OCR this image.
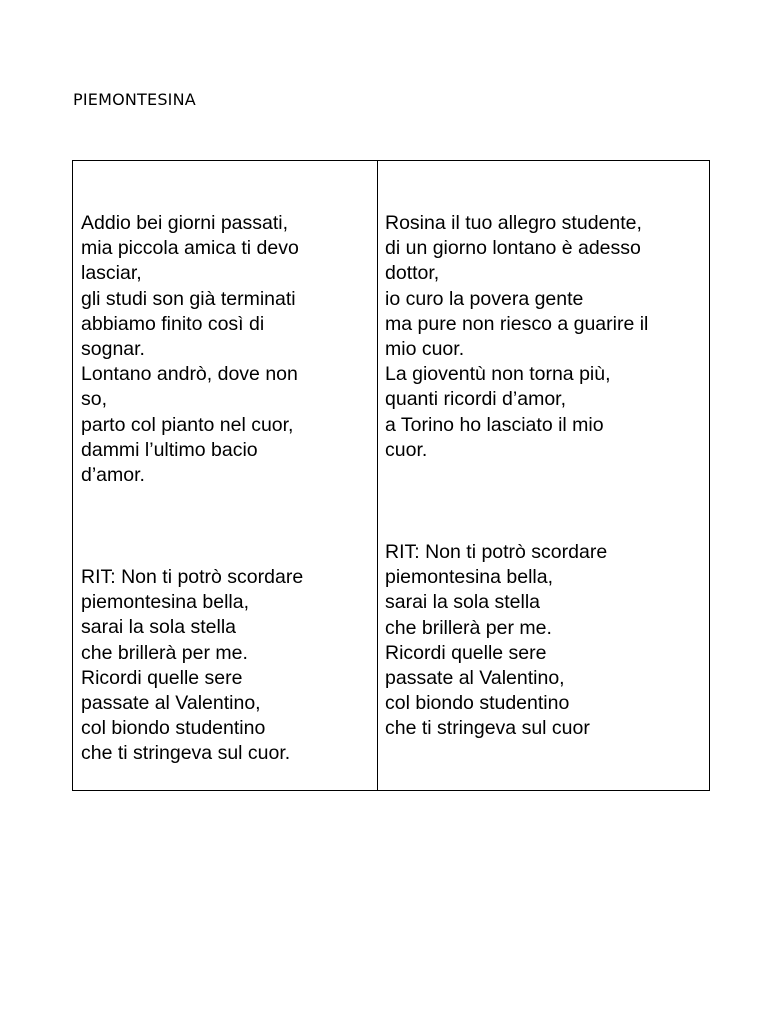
PIEMONTESINA

Addio bei giorni passati,
mia piccola amica ti devo
lasciar,
gli studi son già terminati
abbiamo finito così di
sognar.
Lontano andrò, dove non
so,
parto col pianto nel cuor,
dammi l’ultimo bacio
d’amor.

RIT: Non ti potrò scordare
piemontesina bella,
sarai la sola stella
che brillerà per me.
Ricordi quelle sere
passate al Valentino,
col biondo studentino
che ti stringeva sul cuor.

Rosina il tuo allegro studente,
di un giorno lontano è adesso
dottor,
io curo la povera gente
ma pure non riesco a guarire il
mio cuor.
La gioventù non torna più,
quanti ricordi d’amor,
a Torino ho lasciato il mio
cuor.

RIT: Non ti potrò scordare
piemontesina bella,
sarai la sola stella
che brillerà per me.
Ricordi quelle sere
passate al Valentino,
col biondo studentino
che ti stringeva sul cuor
